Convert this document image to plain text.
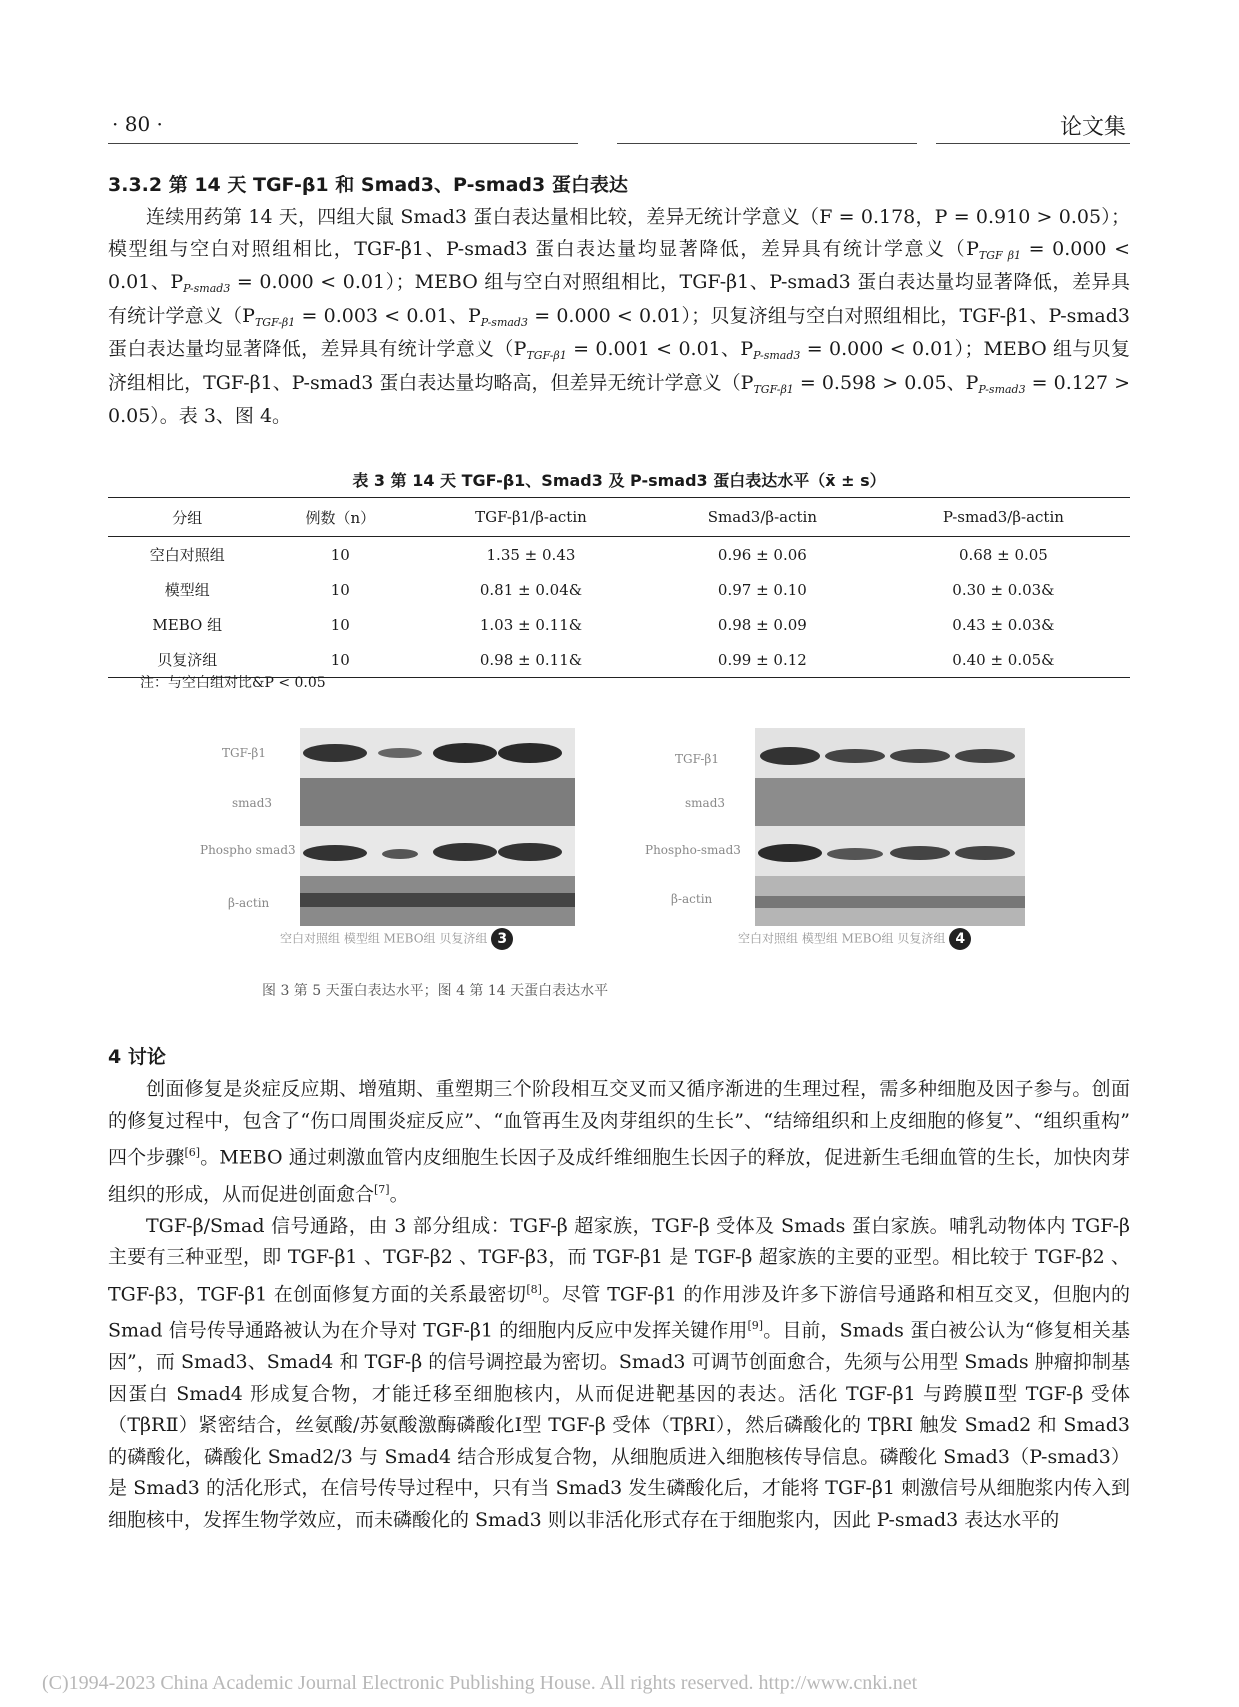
· 80 ·	论文集
3.3.2 第 14 天 TGF-β1 和 Smad3、P-smad3 蛋白表达

连续用药第 14 天，四组大鼠 Smad3 蛋白表达量相比较，差异无统计学意义（F = 0.178，P = 0.910 > 0.05）；模型组与空白对照组相比，TGF-β1、P-smad3 蛋白表达量均显著降低，差异具有统计学意义（$P_{TGF \beta 1} = 0.000 < 0.01$、$P_{P-smad3} = 0.000 < 0.01$）；MEBO 组与空白对照组相比，TGF-β1、P-smad3 蛋白表达量均显著降低，差异具有统计学意义（$P_{TGF-\beta 1} = 0.003 < 0.01$、$P_{P-smad3} = 0.000 < 0.01$）；贝复济组与空白对照组相比，TGF-β1、P-smad3 蛋白表达量均显著降低，差异具有统计学意义（$P_{TGF-\beta 1} = 0.001 < 0.01$、$P_{P-smad3} = 0.000 < 0.01$）；MEBO 组与贝复济组相比，TGF-β1、P-smad3 蛋白表达量均略高，但差异无统计学意义（$P_{TGF-\beta 1} = 0.598 > 0.05$、$P_{P-smad3} = 0.127 > 0.05$）。表 3、图 4。

表 3 第 14 天 TGF-β1、Smad3 及 P-smad3 蛋白表达水平（x̄ ± s）
分组	例数（n）	TGF-β1/β-actin	Smad3/β-actin	P-smad3/β-actin
空白对照组	10	1.35 ± 0.43	0.96 ± 0.06	0.68 ± 0.05
模型组	10	0.81 ± 0.04&	0.97 ± 0.10	0.30 ± 0.03&
MEBO 组	10	1.03 ± 0.11&	0.98 ± 0.09	0.43 ± 0.03&
贝复济组	10	0.98 ± 0.11&	0.99 ± 0.12	0.40 ± 0.05&
注：与空白组对比&P < 0.05
TGF-β1
smad3
Phospho smad3
β-actin
空白对照组 模型组 MEBO组 贝复济组 3
TGF-β1
smad3
Phospho-smad3
β-actin
空白对照组 模型组 MEBO组 贝复济组 4
图 3 第 5 天蛋白表达水平；图 4 第 14 天蛋白表达水平
4 讨论

创面修复是炎症反应期、增殖期、重塑期三个阶段相互交叉而又循序渐进的生理过程，需多种细胞及因子参与。创面的修复过程中，包含了“伤口周围炎症反应”、“血管再生及肉芽组织的生长”、“结缔组织和上皮细胞的修复”、“组织重构” 四个步骤[6]。MEBO 通过刺激血管内皮细胞生长因子及成纤维细胞生长因子的释放，促进新生毛细血管的生长，加快肉芽组织的形成，从而促进创面愈合[7]。

TGF-β/Smad 信号通路，由 3 部分组成：TGF-β 超家族，TGF-β 受体及 Smads 蛋白家族。哺乳动物体内 TGF-β 主要有三种亚型，即 TGF-β1 、TGF-β2 、TGF-β3，而 TGF-β1 是 TGF-β 超家族的主要的亚型。相比较于 TGF-β2 、TGF-β3，TGF-β1 在创面修复方面的关系最密切[8]。尽管 TGF-β1 的作用涉及许多下游信号通路和相互交叉，但胞内的 Smad 信号传导通路被认为在介导对 TGF-β1 的细胞内反应中发挥关键作用[9]。目前，Smads 蛋白被公认为“修复相关基因”，而 Smad3、Smad4 和 TGF-β 的信号调控最为密切。Smad3 可调节创面愈合，先须与公用型 Smads 肿瘤抑制基因蛋白 Smad4 形成复合物，才能迁移至细胞核内，从而促进靶基因的表达。活化 TGF-β1 与跨膜Ⅱ型 TGF-β 受体（TβRⅡ）紧密结合，丝氨酸/苏氨酸激酶磷酸化Ⅰ型 TGF-β 受体（TβRI），然后磷酸化的 TβRI 触发 Smad2 和 Smad3 的磷酸化，磷酸化 Smad2/3 与 Smad4 结合形成复合物，从细胞质进入细胞核传导信息。磷酸化 Smad3（P-smad3）是 Smad3 的活化形式，在信号传导过程中，只有当 Smad3 发生磷酸化后，才能将 TGF-β1 刺激信号从细胞浆内传入到细胞核中，发挥生物学效应，而未磷酸化的 Smad3 则以非活化形式存在于细胞浆内，因此 P-smad3 表达水平的

(C)1994-2023 China Academic Journal Electronic Publishing House. All rights reserved. http://www.cnki.net
